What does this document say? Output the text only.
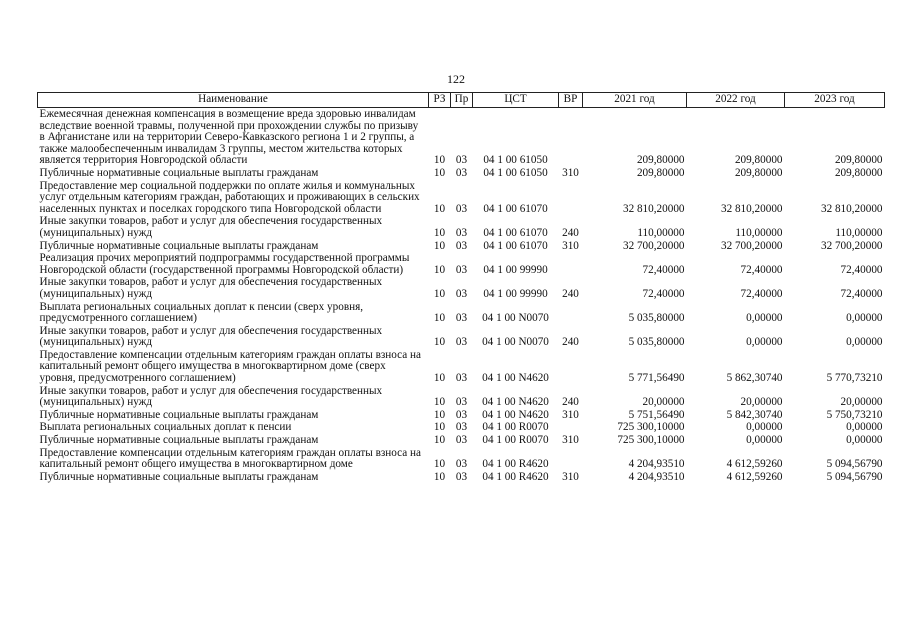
122
Наименование	РЗ	Пр	ЦСТ	ВР	2021 год	2022 год	2023 год
Ежемесячная денежная компенсация в возмещение вреда здоровью инвалидам вследствие военной травмы, полученной при прохождении службы по призыву в Афганистане или на территории Северо-Кавказского региона 1 и 2 группы, а также малообеспеченным инвалидам 3 группы, местом жительства которых является территория Новгородской области	10	03	04 1 00 61050		209,80000	209,80000	209,80000
Публичные нормативные социальные выплаты гражданам	10	03	04 1 00 61050	310	209,80000	209,80000	209,80000
Предоставление мер социальной поддержки по оплате жилья и коммунальных услуг отдельным категориям граждан, работающих и проживающих в сельских населенных пунктах и поселках городского типа Новгородской области	10	03	04 1 00 61070		32 810,20000	32 810,20000	32 810,20000
Иные закупки товаров, работ и услуг для обеспечения государственных (муниципальных) нужд	10	03	04 1 00 61070	240	110,00000	110,00000	110,00000
Публичные нормативные социальные выплаты гражданам	10	03	04 1 00 61070	310	32 700,20000	32 700,20000	32 700,20000
Реализация прочих мероприятий подпрограммы государственной программы Новгородской области (государственной программы Новгородской области)	10	03	04 1 00 99990		72,40000	72,40000	72,40000
Иные закупки товаров, работ и услуг для обеспечения государственных (муниципальных) нужд	10	03	04 1 00 99990	240	72,40000	72,40000	72,40000
Выплата региональных социальных доплат к пенсии (сверх уровня, предусмотренного соглашением)	10	03	04 1 00 N0070		5 035,80000	0,00000	0,00000
Иные закупки товаров, работ и услуг для обеспечения государственных (муниципальных) нужд	10	03	04 1 00 N0070	240	5 035,80000	0,00000	0,00000
Предоставление компенсации отдельным категориям граждан оплаты взноса на капитальный ремонт общего имущества в многоквартирном доме (сверх уровня, предусмотренного соглашением)	10	03	04 1 00 N4620		5 771,56490	5 862,30740	5 770,73210
Иные закупки товаров, работ и услуг для обеспечения государственных (муниципальных) нужд	10	03	04 1 00 N4620	240	20,00000	20,00000	20,00000
Публичные нормативные социальные выплаты гражданам	10	03	04 1 00 N4620	310	5 751,56490	5 842,30740	5 750,73210
Выплата региональных социальных доплат к пенсии	10	03	04 1 00 R0070		725 300,10000	0,00000	0,00000
Публичные нормативные социальные выплаты гражданам	10	03	04 1 00 R0070	310	725 300,10000	0,00000	0,00000
Предоставление компенсации отдельным категориям граждан оплаты взноса на капитальный ремонт общего имущества в многоквартирном доме	10	03	04 1 00 R4620		4 204,93510	4 612,59260	5 094,56790
Публичные нормативные социальные выплаты гражданам	10	03	04 1 00 R4620	310	4 204,93510	4 612,59260	5 094,56790
